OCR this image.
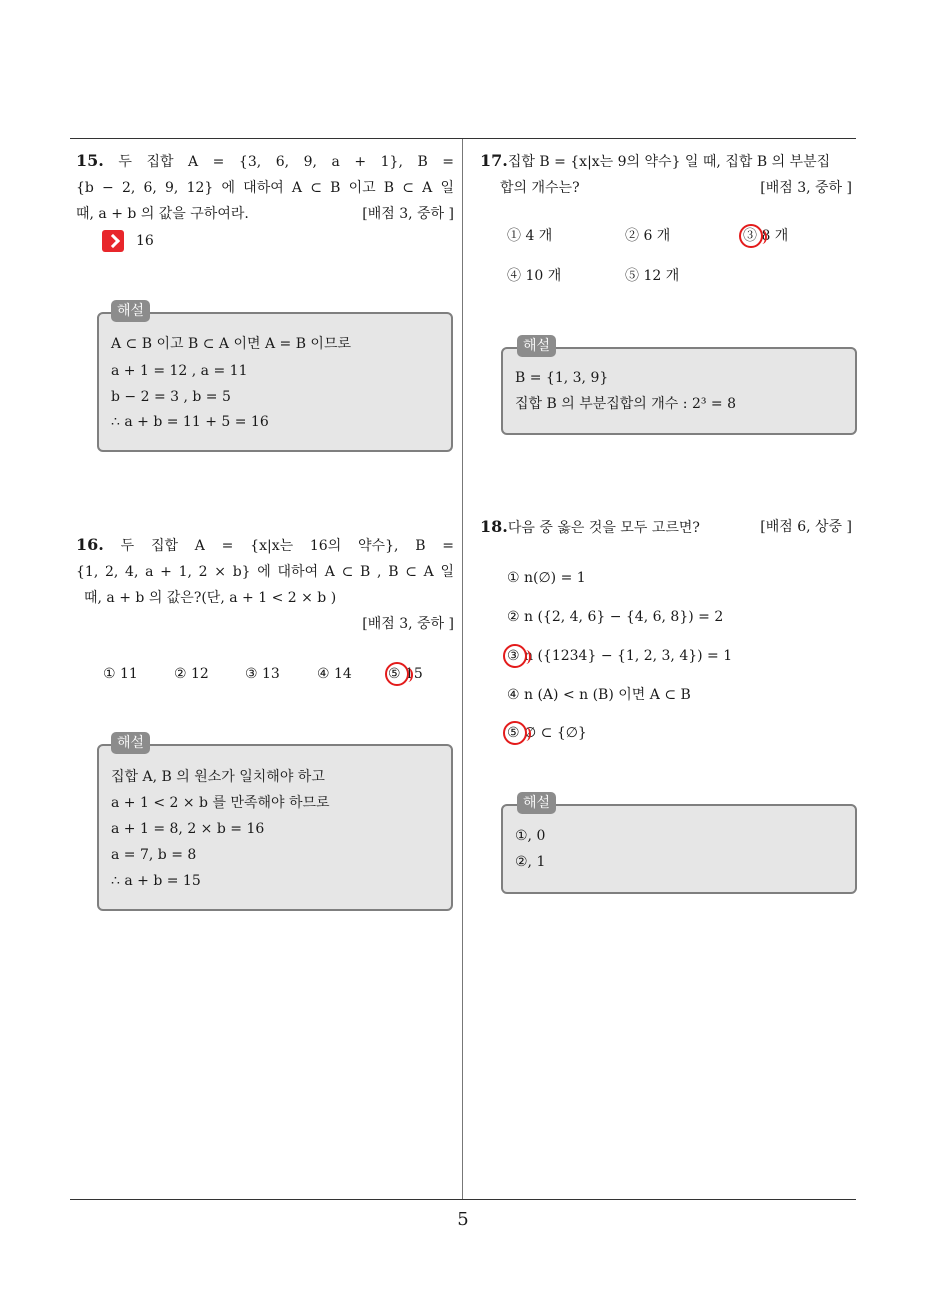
15. 두 집합 A = {3, 6, 9, a + 1}, B =
{b − 2, 6, 9, 12} 에 대하여 A ⊂ B 이고 B ⊂ A 일
때, a + b 의 값을 구하여라.	[배점 3, 중하 ]
16
해설
A ⊂ B 이고 B ⊂ A 이면 A = B 이므로
a + 1 = 12 , a = 11
b − 2 = 3 , b = 5
∴ a + b = 11 + 5 = 16
16. 두 집합 A = {x|x는 16의 약수}, B =
{1, 2, 4, a + 1, 2 × b} 에 대하여 A ⊂ B , B ⊂ A 일
때, a + b 의 값은?(단, a + 1 < 2 × b )
[배점 3, 중하 ]
① 11	② 12	③ 13	④ 14	⑤ 15
해설
집합 A, B 의 원소가 일치해야 하고
a + 1 < 2 × b 를 만족해야 하므로
a + 1 = 8, 2 × b = 16
a = 7, b = 8
∴ a + b = 15
17.집합 B = {x|x는 9의 약수} 일 때, 집합 B 의 부분집
합의 개수는?	[배점 3, 중하 ]
① 4 개	② 6 개	③ 8 개
④ 10 개	⑤ 12 개
해설
B = {1, 3, 9}
집합 B 의 부분집합의 개수 : 2³ = 8
18.다음 중 옳은 것을 모두 고르면?	[배점 6, 상중 ]
① n(∅) = 1
② n ({2, 4, 6} − {4, 6, 8}) = 2
③ n ({1234} − {1, 2, 3, 4}) = 1
④ n (A) < n (B) 이면 A ⊂ B
⑤ ∅ ⊂ {∅}
해설
①, 0
②, 1
5
